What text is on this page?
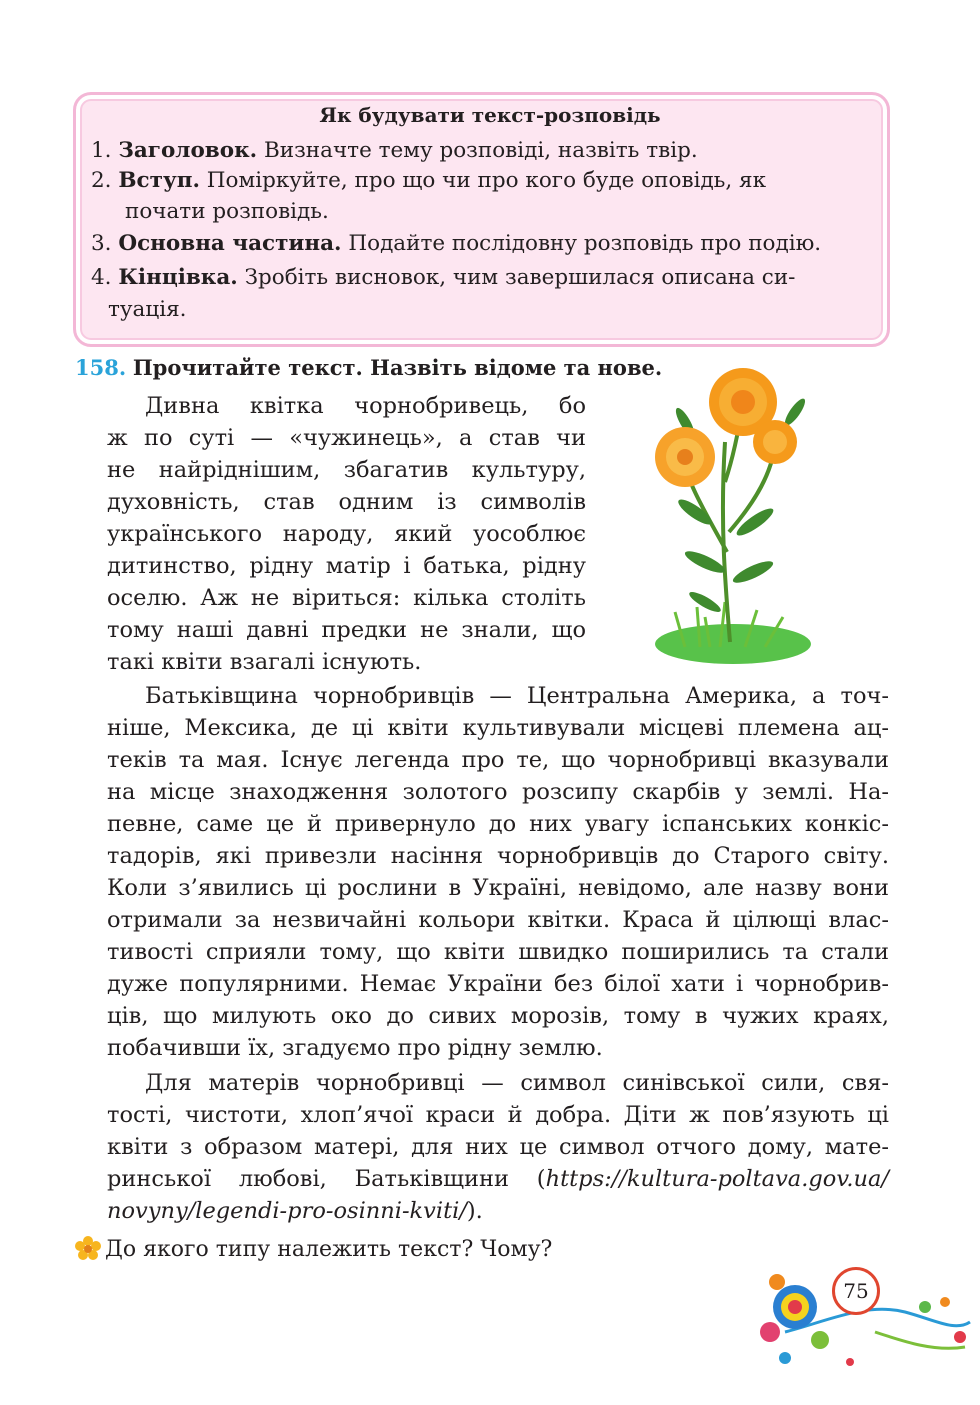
Як будувати текст-розповідь
1. Заголовок. Визначте тему розповіді, назвіть твір.
2. Вступ. Поміркуйте, про що чи про кого буде оповідь, як
почати розповідь.
3. Основна частина. Подайте послідовну розповідь про подію.
4. Кінцівка. Зробіть висновок, чим завершилася описана си-
туація.
158. Прочитайте текст. Назвіть відоме та нове.
Дивна квітка чорнобривець, бо
ж по суті — «чужинець», а став чи
не найріднішим, збагатив культуру,
духовність, став одним із символів
українського народу, який уособлює
дитинство, рідну матір і батька, рідну
оселю. Аж не віриться: кілька століть
тому наші давні предки не знали, що
такі квіти взагалі існують.
Батьківщина чорнобривців — Центральна Америка, а точ-
ніше, Мексика, де ці квіти культивували місцеві племена ац-
теків та мая. Існує легенда про те, що чорнобривці вказували
на місце знаходження золотого розсипу скарбів у землі. На-
певне, саме це й привернуло до них увагу іспанських конкіс-
тадорів, які привезли насіння чорнобривців до Старого світу.
Коли з’явились ці рослини в Україні, невідомо, але назву вони
отримали за незвичайні кольори квітки. Краса й цілющі влас-
тивості сприяли тому, що квіти швидко поширились та стали
дуже популярними. Немає України без білої хати і чорнобрив-
ців, що милують око до сивих морозів, тому в чужих краях,
побачивши їх, згадуємо про рідну землю.
Для матерів чорнобривці — символ синівської сили, свя-
тості, чистоти, хлоп’ячої краси й добра. Діти ж пов’язують ці
квіти з образом матері, для них це символ отчого дому, мате-
ринської любові, Батьківщини (https://kultura-poltava.gov.ua/
novyny/legendi-pro-osinni-kviti/).
До якого типу належить текст? Чому?
75
